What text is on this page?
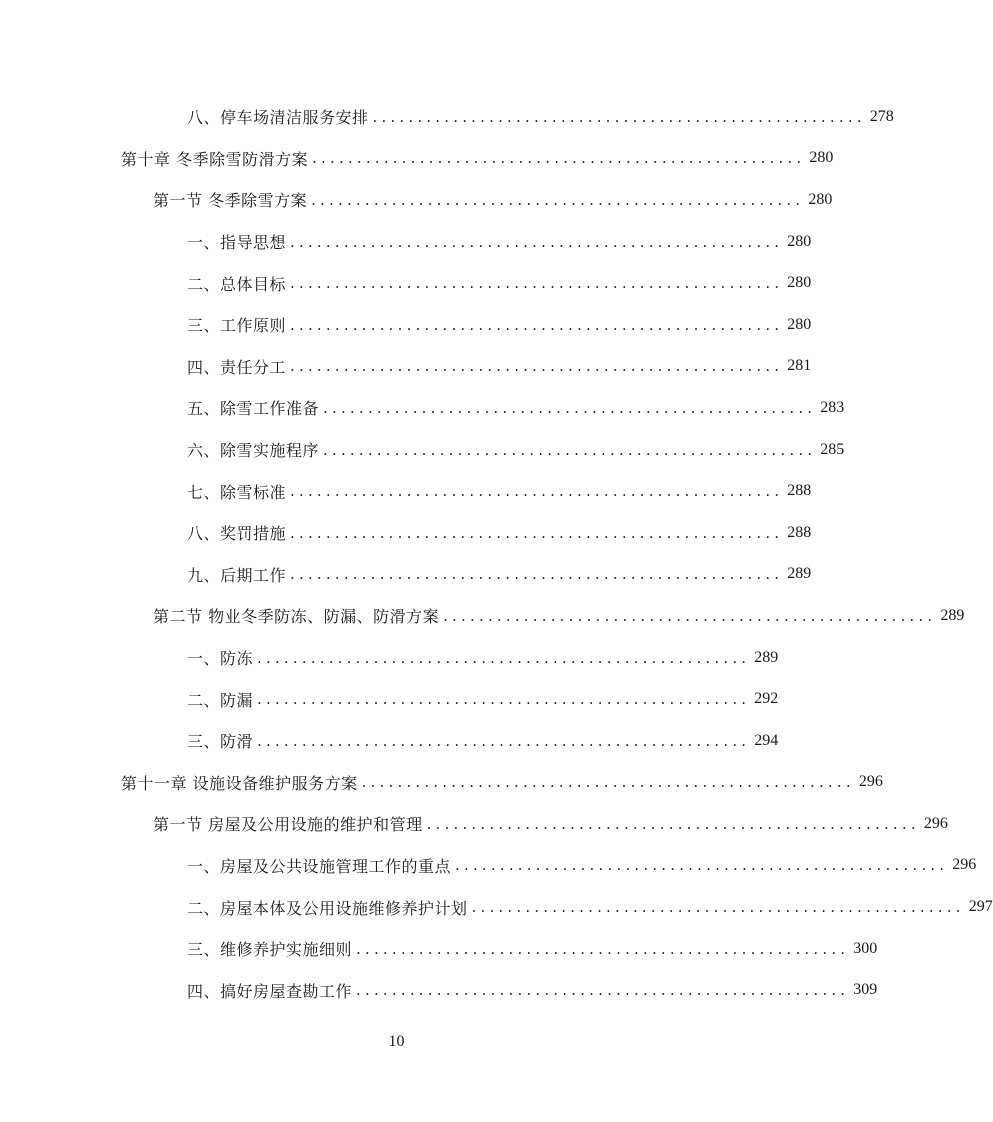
八、停车场清洁服务安排 ....................................................... 278
第十章 冬季除雪防滑方案 ....................................................... 280
第一节 冬季除雪方案 ....................................................... 280
一、指导思想 ....................................................... 280
二、总体目标 ....................................................... 280
三、工作原则 ....................................................... 280
四、责任分工 ....................................................... 281
五、除雪工作准备 ....................................................... 283
六、除雪实施程序 ....................................................... 285
七、除雪标准 ....................................................... 288
八、奖罚措施 ....................................................... 288
九、后期工作 ....................................................... 289
第二节 物业冬季防冻、防漏、防滑方案 ....................................................... 289
一、防冻 ....................................................... 289
二、防漏 ....................................................... 292
三、防滑 ....................................................... 294
第十一章 设施设备维护服务方案 ....................................................... 296
第一节 房屋及公用设施的维护和管理 ....................................................... 296
一、房屋及公共设施管理工作的重点 ....................................................... 296
二、房屋本体及公用设施维修养护计划 ....................................................... 297
三、维修养护实施细则 ....................................................... 300
四、搞好房屋查勘工作 ....................................................... 309
10
